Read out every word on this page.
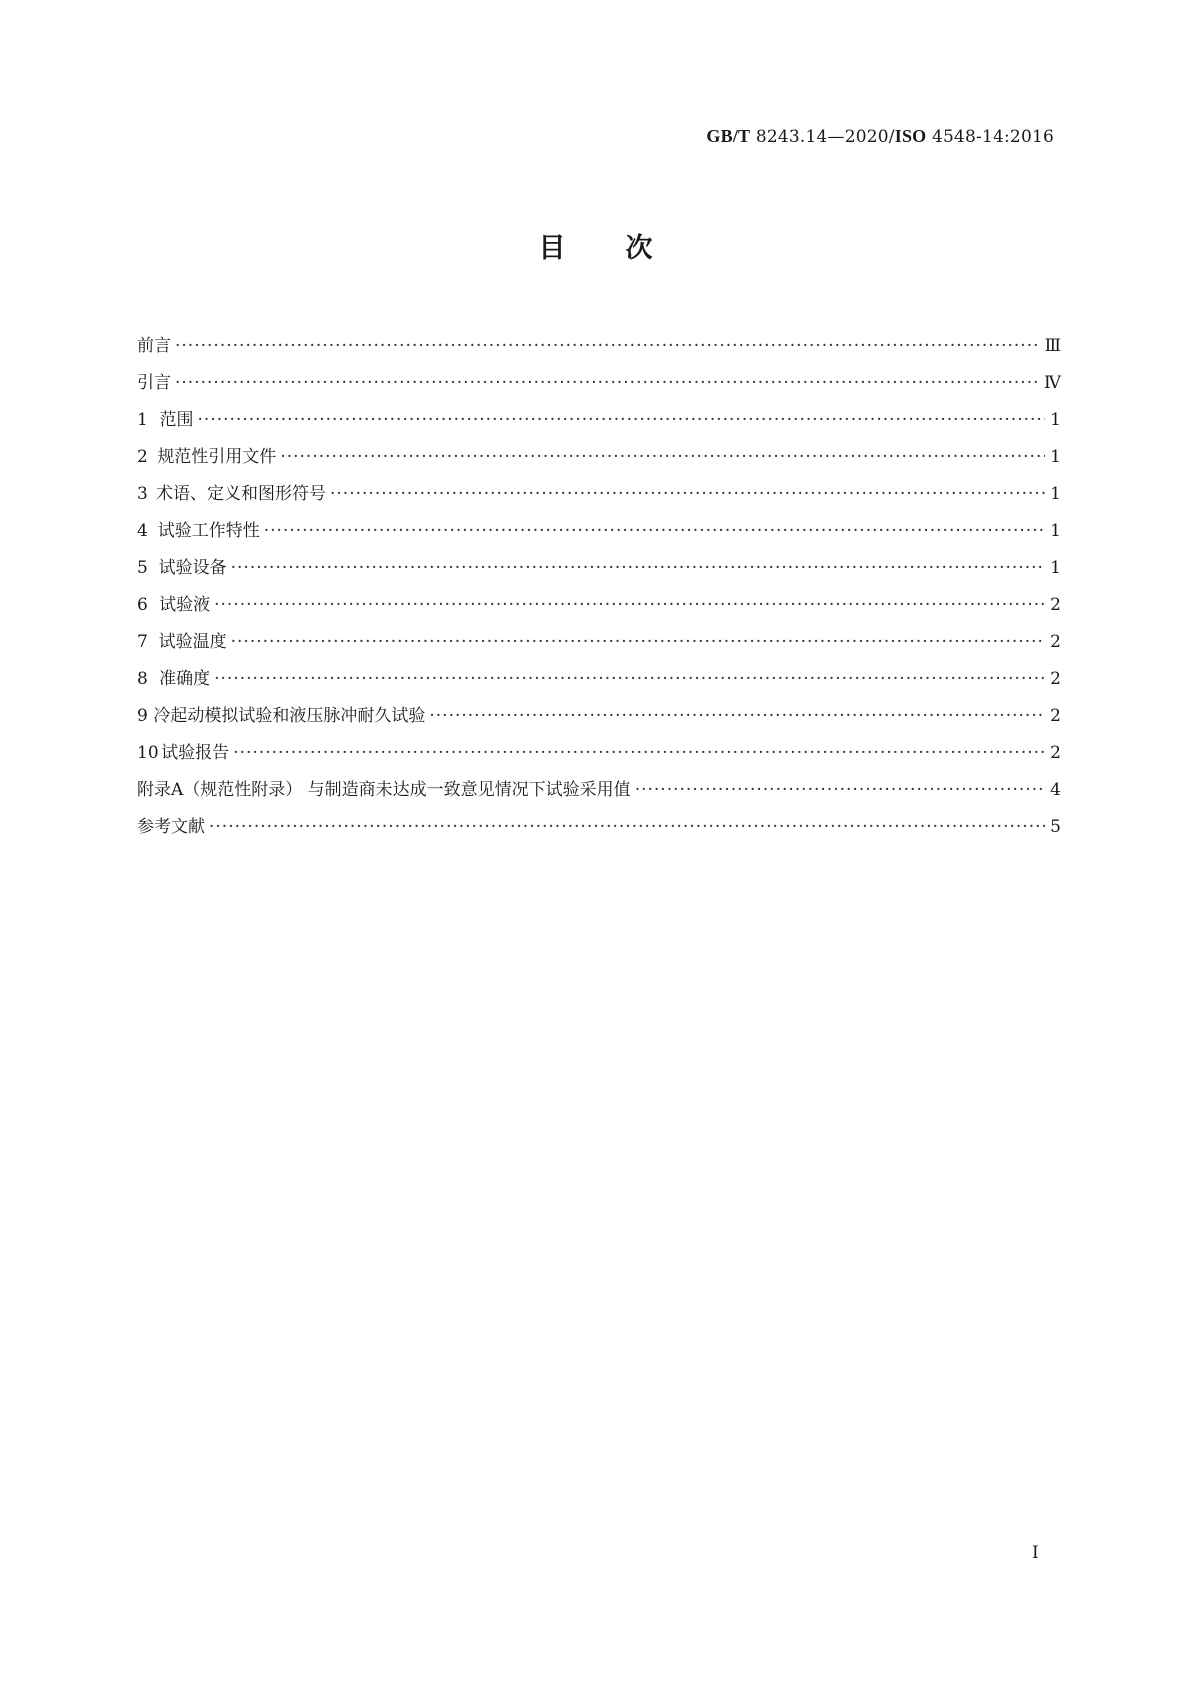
GB/T 8243.14—2020/ISO 4548-14:2016
目次
前言 ·····	Ⅲ
引言 ·····	Ⅳ
1 范围 ·····	1
2 规范性引用文件 ·····	1
3 术语、定义和图形符号 ·····	1
4 试验工作特性 ·····	1
5 试验设备 ·····	1
6 试验液 ·····	2
7 试验温度 ·····	2
8 准确度 ·····	2
9 冷起动模拟试验和液压脉冲耐久试验 ·····	2
10 试验报告 ·····	2
附录A（规范性附录） 与制造商未达成一致意见情况下试验采用值 ·····	4
参考文献 ·····	5
I
